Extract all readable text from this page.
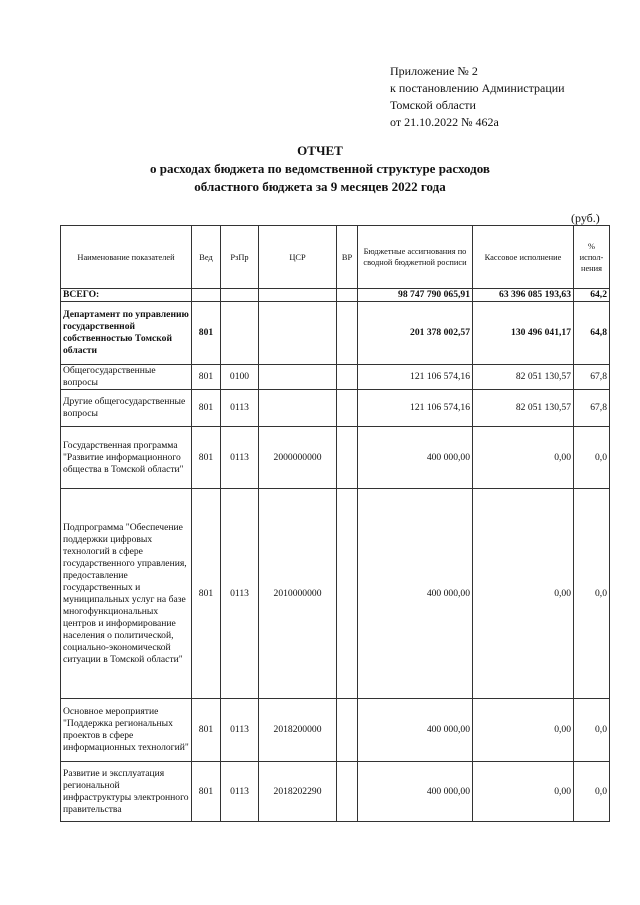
Приложение № 2
к постановлению Администрации
Томской области
от 21.10.2022 № 462а
ОТЧЕТ
о расходах бюджета по ведомственной структуре расходов
областного бюджета за 9 месяцев 2022 года
(руб.)
Наименование показателей	Вед	РзПр	ЦСР	ВР	Бюджетные ассигнования по сводной бюджетной росписи	Кассовое исполнение	% испол- нения
ВСЕГО:					98 747 790 065,91	63 396 085 193,63	64,2
Департамент по управлению государственной собственностью Томской области	801				201 378 002,57	130 496 041,17	64,8
Общегосударственные вопросы	801	0100			121 106 574,16	82 051 130,57	67,8
Другие общегосударственные вопросы	801	0113			121 106 574,16	82 051 130,57	67,8
Государственная программа "Развитие информационного общества в Томской области"	801	0113	2000000000		400 000,00	0,00	0,0
Подпрограмма "Обеспечение поддержки цифровых технологий в сфере государственного управления, предоставление государственных и муниципальных услуг на базе многофункциональных центров и информирование населения о политической, социально-экономической ситуации в Томской области"	801	0113	2010000000		400 000,00	0,00	0,0
Основное мероприятие "Поддержка региональных проектов в сфере информационных технологий"	801	0113	2018200000		400 000,00	0,00	0,0
Развитие и эксплуатация региональной инфраструктуры электронного правительства	801	0113	2018202290		400 000,00	0,00	0,0
